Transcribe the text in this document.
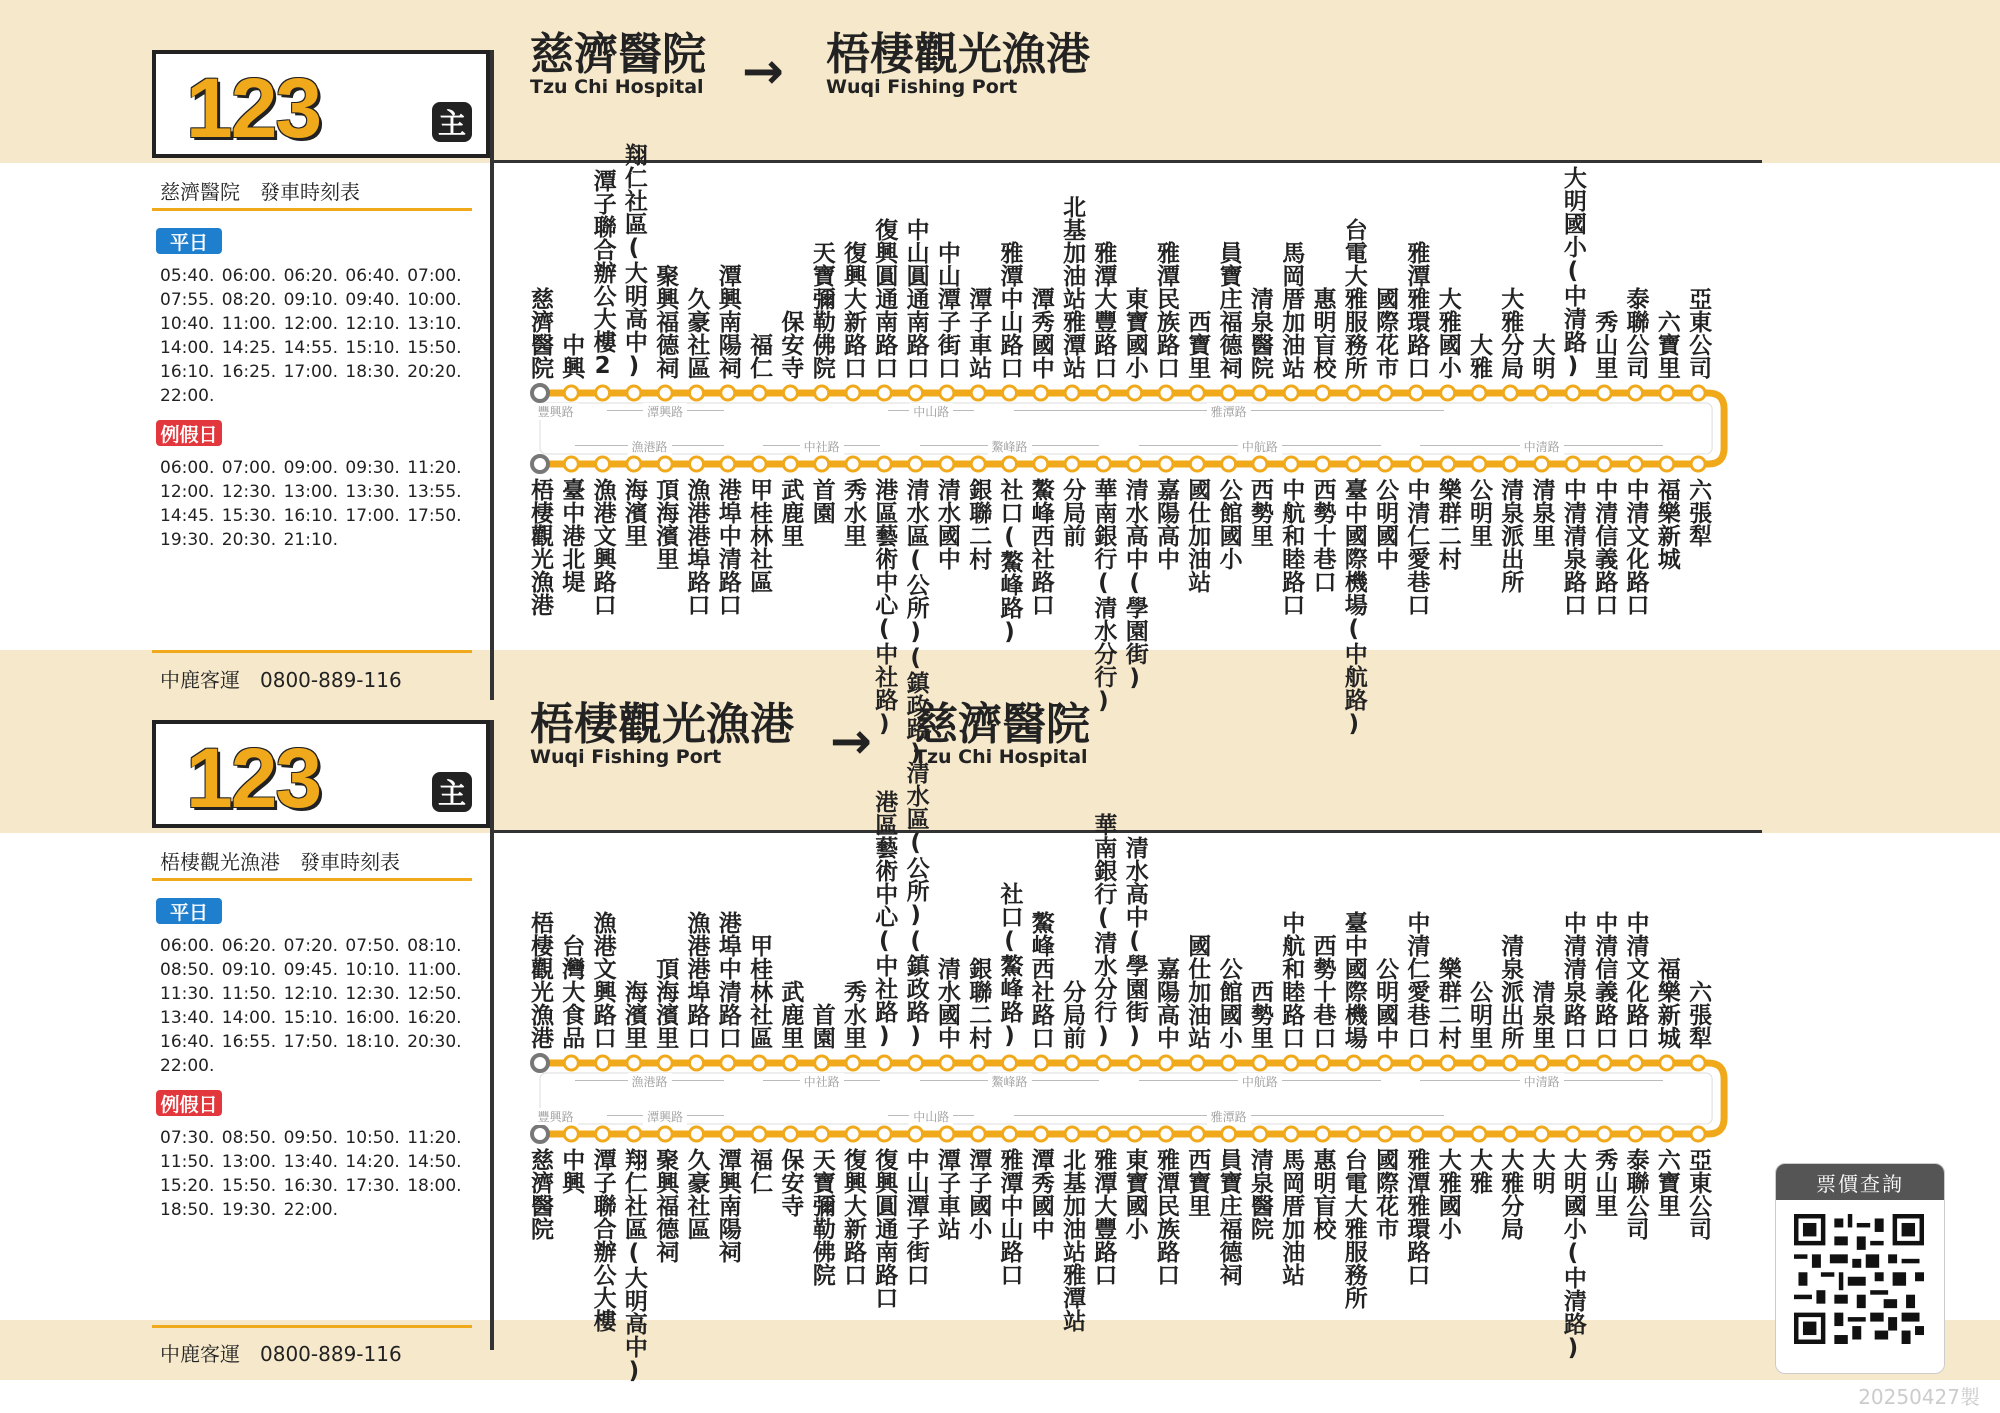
123	主
慈濟醫院
Tzu Chi Hospital → 梧棲觀光漁港
Wuqi Fishing Port
慈濟醫院　發車時刻表
平日
05:40. 06:00. 06:20. 06:40. 07:00. 07:55. 08:20. 09:10. 09:40. 10:00. 10:40. 11:00. 12:00. 12:10. 13:10. 14:00. 14:25. 14:55. 15:10. 15:50. 16:10. 16:25. 17:00. 18:30. 20:20. 22:00.
例假日
06:00. 07:00. 09:00. 09:30. 11:20. 12:00. 12:30. 13:00. 13:30. 13:55. 14:45. 15:30. 16:10. 17:00. 17:50. 19:30. 20:30. 21:10.
中鹿客運　0800-889-116
慈濟醫院 中興 潭子聯合辦公大樓2 翔仁社區(大明高中) 聚興福德祠 久豪社區 潭興南陽祠 福仁 保安寺 天寶彌勒佛院 復興大新路口 復興圓通南路口 中山圓通南路口 中山潭子街口 潭子車站 雅潭中山路口 潭秀國中 北基加油站雅潭站 雅潭大豐路口 東寶國小 雅潭民族路口 西寶里 員寶庄福德祠 清泉醫院 馬岡厝加油站 惠明盲校 台電大雅服務所 國際花市 雅潭雅環路口 大雅國小 大雅 大雅分局 大明 大明國小(中清路) 秀山里 泰聯公司 六寶里 亞東公司
梧棲觀光漁港 臺中港北堤 漁港文興路口 海濱里 頂海濱里 漁港港埠路口 港埠中清路口 甲桂林社區 武鹿里 首園 秀水里 港區藝術中心(中社路) 清水區(公所)(鎮政路) 清水國中 銀聯二村 社口(鰲峰路) 鰲峰西社路口 分局前 華南銀行(清水分行) 清水高中(學園街) 嘉陽高中 國仕加油站 公館國小 西勢里 中航和睦路口 西勢十巷口 臺中國際機場(中航路) 公明國中 中清仁愛巷口 樂群二村 公明里 清泉派出所 清泉里 中清清泉路口 中清信義路口 中清文化路口 福樂新城 六張犁
豐興路	潭興路	中山路	雅潭路
漁港路	中社路	鰲峰路	中航路	中清路
123	主
梧棲觀光漁港
Wuqi Fishing Port	→ 慈濟醫院
Tzu Chi Hospital
梧棲觀光漁港　發車時刻表
平日
06:00. 06:20. 07:20. 07:50. 08:10. 08:50. 09:10. 09:45. 10:10. 11:00. 11:30. 11:50. 12:10. 12:30. 12:50. 13:40. 14:00. 15:10. 16:00. 16:20. 16:40. 16:55. 17:50. 18:10. 20:30. 22:00.
例假日
07:30. 08:50. 09:50. 10:50. 11:20. 11:50. 13:00. 13:40. 14:20. 14:50. 15:20. 15:50. 16:30. 17:30. 18:00. 18:50. 19:30. 22:00.
中鹿客運　0800-889-116
梧棲觀光漁港 台灣大食品 漁港文興路口 海濱里 頂海濱里 漁港港埠路口 港埠中清路口 甲桂林社區 武鹿里 首園 秀水里 港區藝術中心(中社路) 清水區(公所)(鎮政路) 清水國中 銀聯二村 社口(鰲峰路) 鰲峰西社路口 分局前 華南銀行(清水分行) 清水高中(學園街) 嘉陽高中 國仕加油站 公館國小 西勢里 中航和睦路口 西勢十巷口 臺中國際機場 公明國中 中清仁愛巷口 樂群二村 公明里 清泉派出所 清泉里 中清清泉路口 中清信義路口 中清文化路口 福樂新城 六張犁
慈濟醫院 中興 潭子聯合辦公大樓 翔仁社區(大明高中) 聚興福德祠 久豪社區 潭興南陽祠 福仁 保安寺 天寶彌勒佛院 復興大新路口 復興圓通南路口 中山潭子街口 潭子車站 潭子國小 雅潭中山路口 潭秀國中 北基加油站雅潭站 雅潭大豐路口 東寶國小 雅潭民族路口 西寶里 員寶庄福德祠 清泉醫院 馬岡厝加油站 惠明盲校 台電大雅服務所 國際花市 雅潭雅環路口 大雅國小 大雅 大雅分局 大明 大明國小(中清路) 秀山里 泰聯公司 六寶里 亞東公司
漁港路	中社路	鰲峰路	中航路	中清路
豐興路	潭興路	中山路	雅潭路
票價查詢
20250427製
